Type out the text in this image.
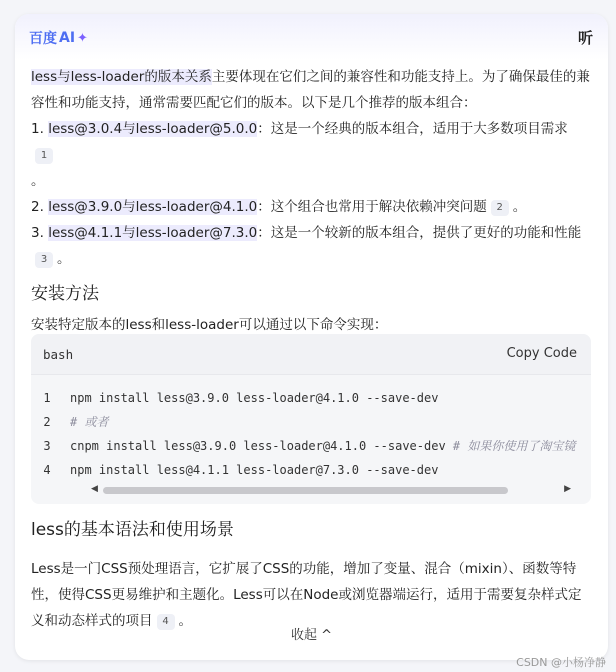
百度 AI ✦	听

less与less-loader的版本关系主要体现在它们之间的兼容性和功能支持上。为了确保最佳的兼容性和功能支持，通常需要匹配它们的版本。以下是几个推荐的版本组合：

1. less@3.0.4与less-loader@5.0.0：这是一个经典的版本组合，适用于大多数项目需求1
。

2. less@3.9.0与less-loader@4.1.0：这个组合也常用于解决依赖冲突问题 2 。

3. less@4.1.1与less-loader@7.3.0：这是一个较新的版本组合，提供了更好的功能和性能
3 。

安装方法

安装特定版本的less和less-loader可以通过以下命令实现：

bash	Copy Code
1 npm install less@3.9.0 less-loader@4.1.0 --save-dev
2 # 或者
3 cnpm install less@3.9.0 less-loader@4.1.0 --save-dev # 如果你使用了淘宝镜
4 npm install less@4.1.1 less-loader@7.3.0 --save-dev
◀	▶
less的基本语法和使用场景

Less是一门CSS预处理语言，它扩展了CSS的功能，增加了变量、混合（mixin）、函数等特性，使得CSS更易维护和主题化。Less可以在Node或浏览器端运行，适用于需要复杂样式定义和动态样式的项目 4 。

收起 ^
CSDN @小杨净静
